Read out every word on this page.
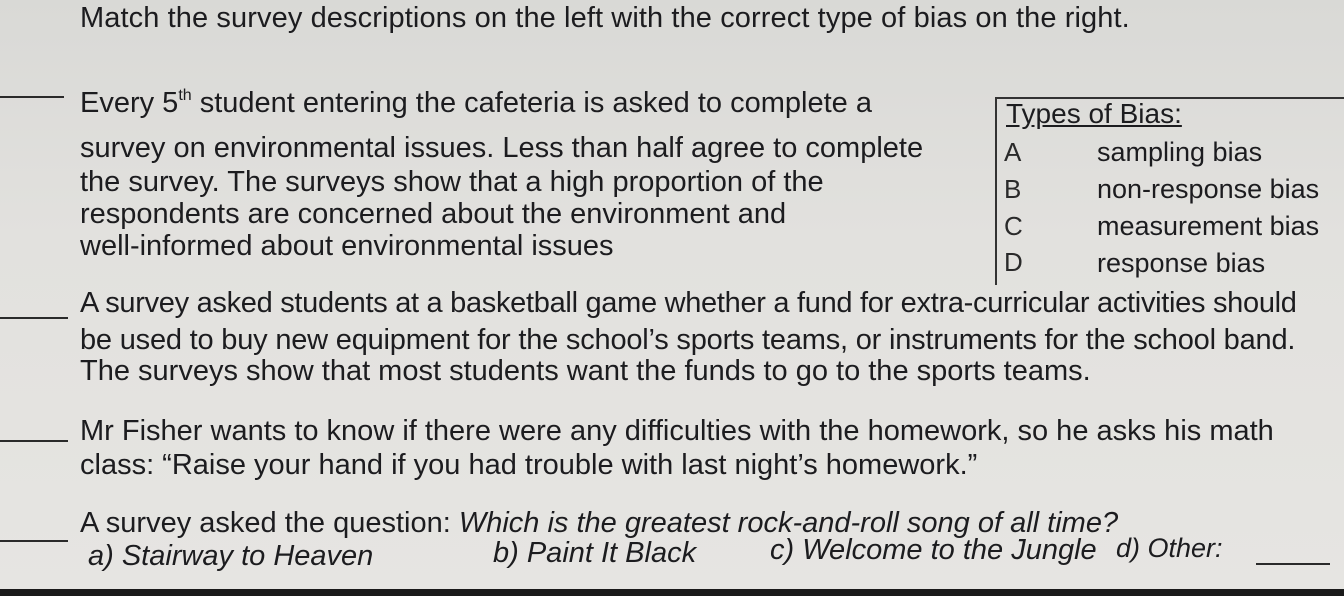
Match the survey descriptions on the left with the correct type of bias on the right.
Every 5th student entering the cafeteria is asked to complete a
survey on environmental issues. Less than half agree to complete
the survey. The surveys show that a high proportion of the
respondents are concerned about the environment and
well-informed about environmental issues
Types of Bias:
A	sampling bias
B	non-response bias
C	measurement bias
D	response bias
A survey asked students at a basketball game whether a fund for extra-curricular activities should
be used to buy new equipment for the school’s sports teams, or instruments for the school band.
The surveys show that most students want the funds to go to the sports teams.
Mr Fisher wants to know if there were any difficulties with the homework, so he asks his math
class: “Raise your hand if you had trouble with last night’s homework.”
A survey asked the question: Which is the greatest rock-and-roll song of all time?
a) Stairway to Heaven	b) Paint It Black	c) Welcome to the Jungle d) Other:
